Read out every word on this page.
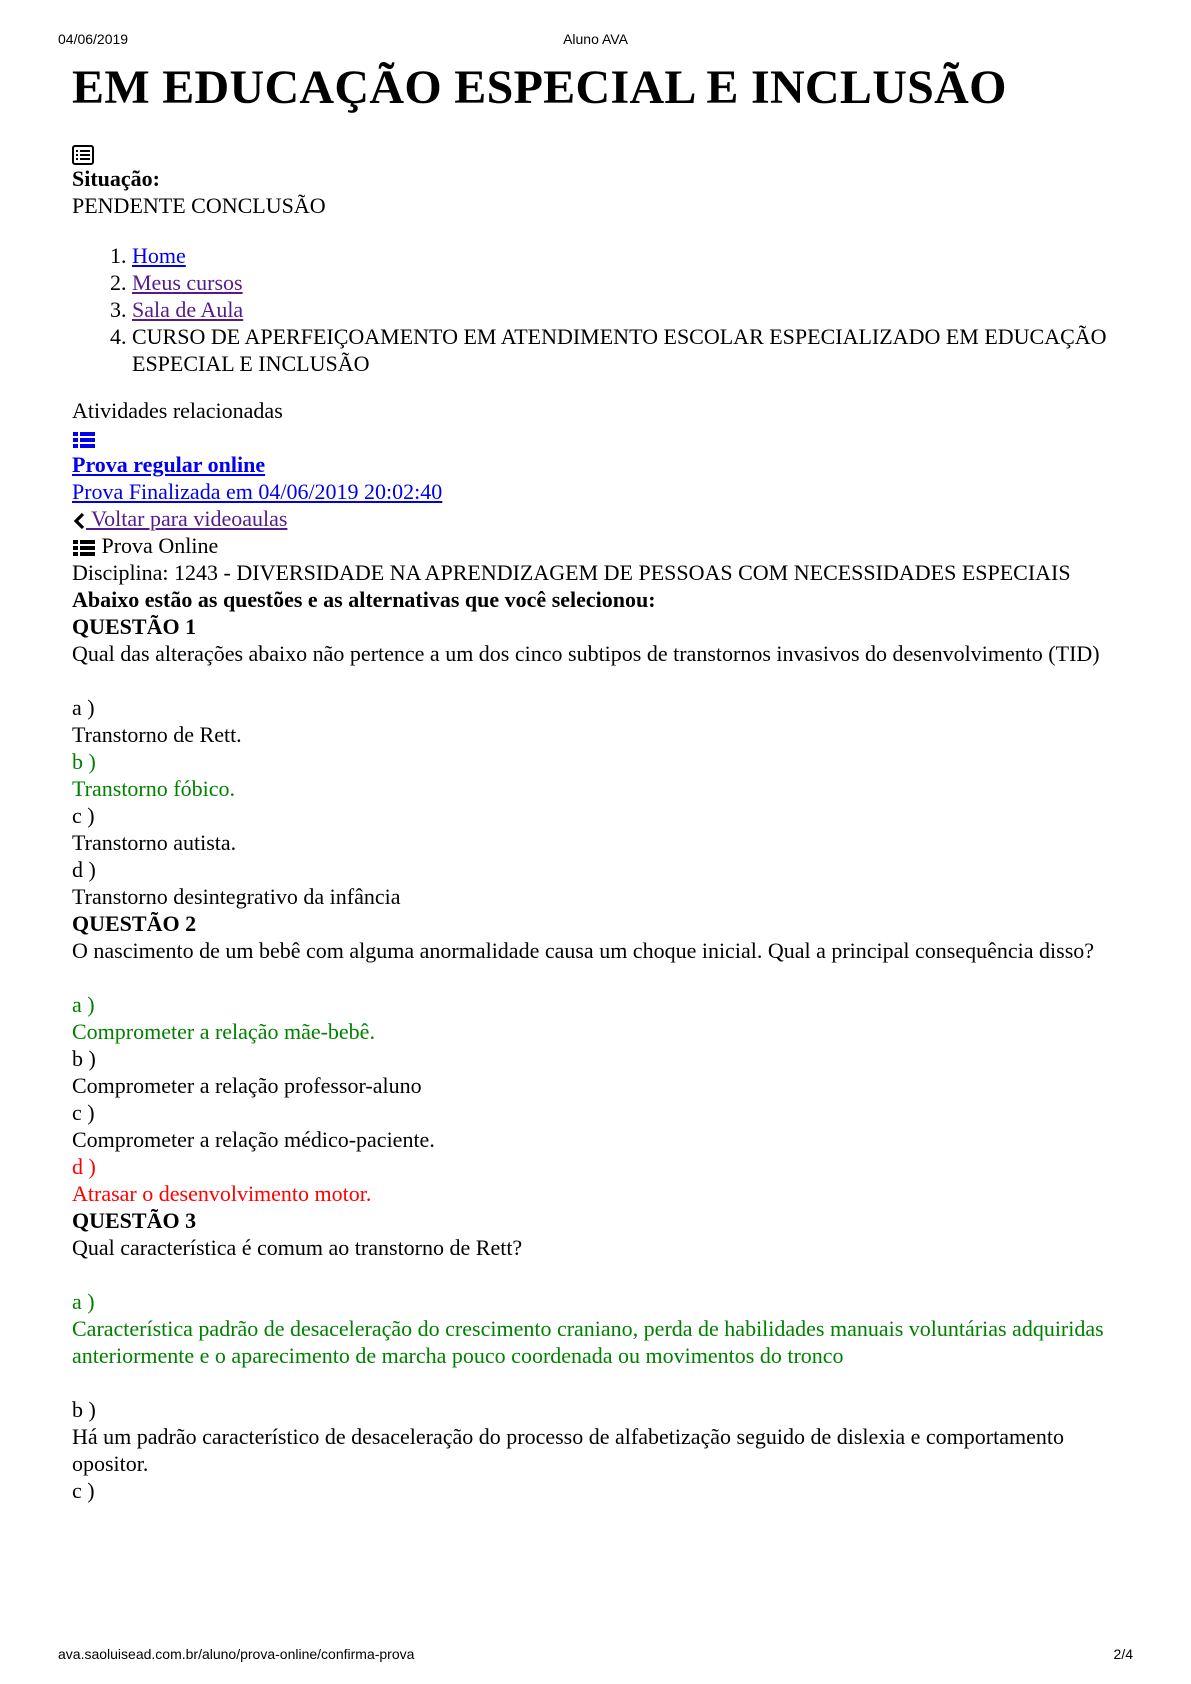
04/06/2019	Aluno AVA
EM EDUCAÇÃO ESPECIAL E INCLUSÃO
Situação:
PENDENTE CONCLUSÃO
1. Home
2. Meus cursos
3. Sala de Aula
4. CURSO DE APERFEIÇOAMENTO EM ATENDIMENTO ESCOLAR ESPECIALIZADO EM EDUCAÇÃO ESPECIAL E INCLUSÃO
Atividades relacionadas
Prova regular online
Prova Finalizada em 04/06/2019 20:02:40
Voltar para videoaulas
Prova Online
Disciplina: 1243 - DIVERSIDADE NA APRENDIZAGEM DE PESSOAS COM NECESSIDADES ESPECIAIS
Abaixo estão as questões e as alternativas que você selecionou:
QUESTÃO 1
Qual das alterações abaixo não pertence a um dos cinco subtipos de transtornos invasivos do desenvolvimento (TID)
a )
Transtorno de Rett.
b )
Transtorno fóbico.
c )
Transtorno autista.
d )
Transtorno desintegrativo da infância
QUESTÃO 2
O nascimento de um bebê com alguma anormalidade causa um choque inicial. Qual a principal consequência disso?
a )
Comprometer a relação mãe-bebê.
b )
Comprometer a relação professor-aluno
c )
Comprometer a relação médico-paciente.
d )
Atrasar o desenvolvimento motor.
QUESTÃO 3
Qual característica é comum ao transtorno de Rett?
a )
Característica padrão de desaceleração do crescimento craniano, perda de habilidades manuais voluntárias adquiridas anteriormente e o aparecimento de marcha pouco coordenada ou movimentos do tronco
b )
Há um padrão característico de desaceleração do processo de alfabetização seguido de dislexia e comportamento opositor.
c )
ava.saoluisead.com.br/aluno/prova-online/confirma-prova	2/4
